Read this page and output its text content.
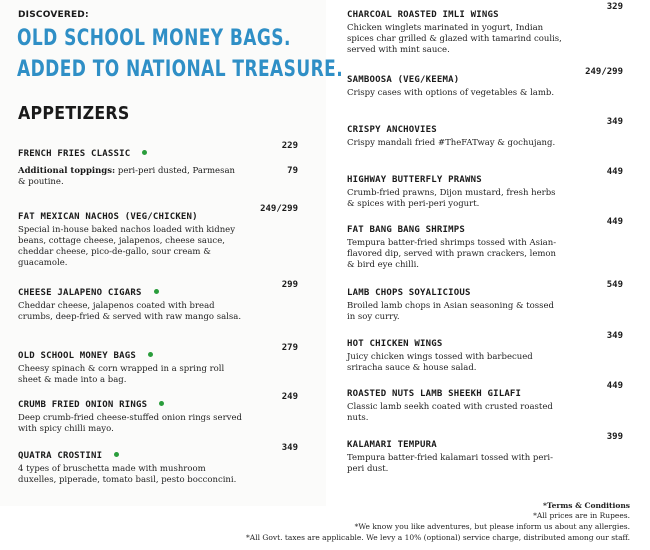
DISCOVERED:
OLD SCHOOL MONEY BAGS.
ADDED TO NATIONAL TREASURE.
APPETIZERS
FRENCH FRIES CLASSIC
229
Additional toppings: peri-peri dusted, Parmesan & poutine.
79
FAT MEXICAN NACHOS (VEG/CHICKEN)
249/299
Special in-house baked nachos loaded with kidney beans, cottage cheese, jalapenos, cheese sauce, cheddar cheese, pico-de-gallo, sour cream & guacamole.
CHEESE JALAPENO CIGARS
299
Cheddar cheese, jalapenos coated with bread crumbs, deep-fried & served with raw mango salsa.
OLD SCHOOL MONEY BAGS
279
Cheesy spinach & corn wrapped in a spring roll sheet & made into a bag.
CRUMB FRIED ONION RINGS
249
Deep crumb-fried cheese-stuffed onion rings served with spicy chilli mayo.
QUATRA CROSTINI
349
4 types of bruschetta made with mushroom duxelles, piperade, tomato basil, pesto bocconcini.
CHARCOAL ROASTED IMLI WINGS
329
Chicken winglets marinated in yogurt, Indian spices char grilled & glazed with tamarind coulis, served with mint sauce.
SAMBOOSA (VEG/KEEMA)
249/299
Crispy cases with options of vegetables & lamb.
CRISPY ANCHOVIES
349
Crispy mandali fried #TheFATway & gochujang.
HIGHWAY BUTTERFLY PRAWNS
449
Crumb-fried prawns, Dijon mustard, fresh herbs & spices with peri-peri yogurt.
FAT BANG BANG SHRIMPS
449
Tempura batter-fried shrimps tossed with Asian-flavored dip, served with prawn crackers, lemon & bird eye chilli.
LAMB CHOPS SOYALICIOUS
549
Broiled lamb chops in Asian seasoning & tossed in soy curry.
HOT CHICKEN WINGS
349
Juicy chicken wings tossed with barbecued sriracha sauce & house salad.
ROASTED NUTS LAMB SHEEKH GILAFI
449
Classic lamb seekh coated with crusted roasted nuts.
KALAMARI TEMPURA
399
Tempura batter-fried kalamari tossed with peri-peri dust.
*Terms & Conditions
*All prices are in Rupees.
*We know you like adventures, but please inform us about any allergies.
*All Govt. taxes are applicable. We levy a 10% (optional) service charge, distributed among our staff.
